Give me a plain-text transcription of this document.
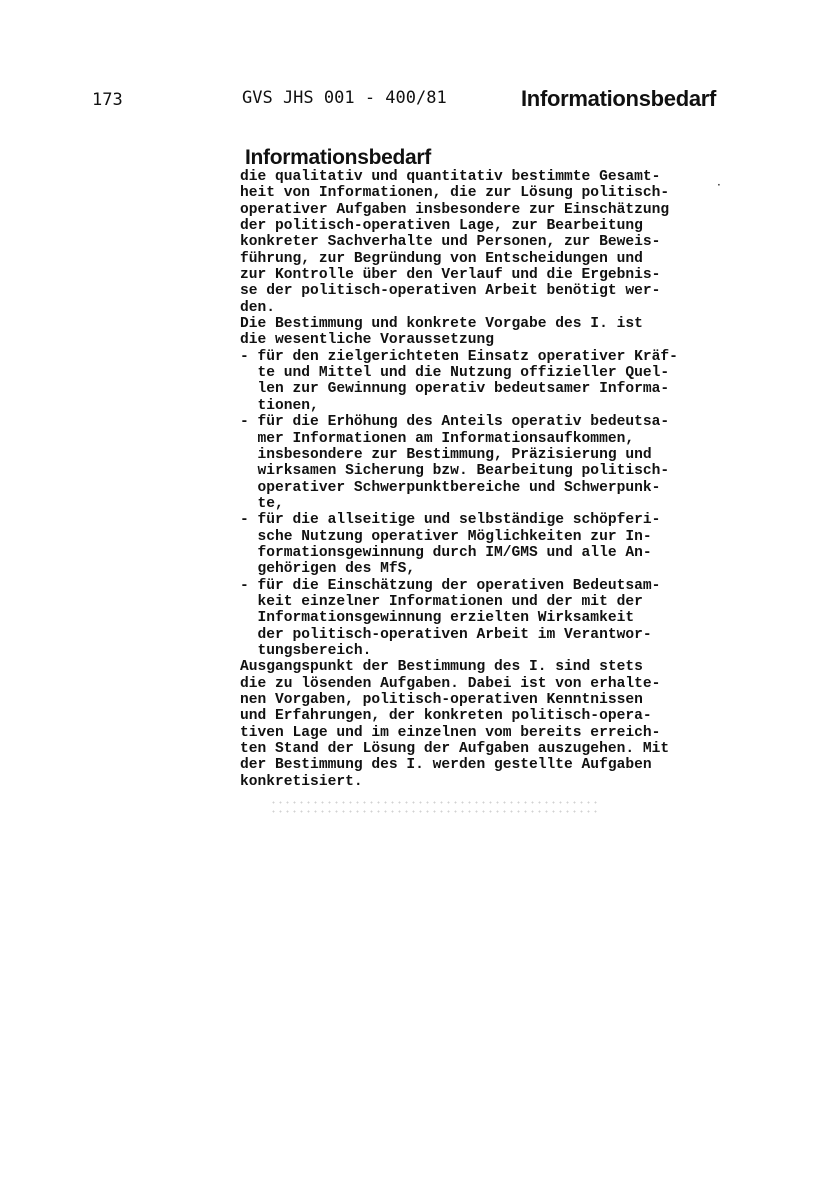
173	GVS JHS 001 - 400/81	Informationsbedarf
Informationsbedarf
·
die qualitativ und quantitativ bestimmte Gesamt-
heit von Informationen, die zur Lösung politisch-
operativer Aufgaben insbesondere zur Einschätzung
der politisch-operativen Lage, zur Bearbeitung
konkreter Sachverhalte und Personen, zur Beweis-
führung, zur Begründung von Entscheidungen und
zur Kontrolle über den Verlauf und die Ergebnis-
se der politisch-operativen Arbeit benötigt wer-
den.
Die Bestimmung und konkrete Vorgabe des I. ist
die wesentliche Voraussetzung
- für den zielgerichteten Einsatz operativer Kräf-
te und Mittel und die Nutzung offizieller Quel-
len zur Gewinnung operativ bedeutsamer Informa-
tionen,
- für die Erhöhung des Anteils operativ bedeutsa-
mer Informationen am Informationsaufkommen,
insbesondere zur Bestimmung, Präzisierung und
wirksamen Sicherung bzw. Bearbeitung politisch-
operativer Schwerpunktbereiche und Schwerpunk-
te,
- für die allseitige und selbständige schöpferi-
sche Nutzung operativer Möglichkeiten zur In-
formationsgewinnung durch IM/GMS und alle An-
gehörigen des MfS,
- für die Einschätzung der operativen Bedeutsam-
keit einzelner Informationen und der mit der
Informationsgewinnung erzielten Wirksamkeit
der politisch-operativen Arbeit im Verantwor-
tungsbereich.
Ausgangspunkt der Bestimmung des I. sind stets
die zu lösenden Aufgaben. Dabei ist von erhalte-
nen Vorgaben, politisch-operativen Kenntnissen
und Erfahrungen, der konkreten politisch-opera-
tiven Lage und im einzelnen vom bereits erreich-
ten Stand der Lösung der Aufgaben auszugehen. Mit
der Bestimmung des I. werden gestellte Aufgaben
konkretisiert.
